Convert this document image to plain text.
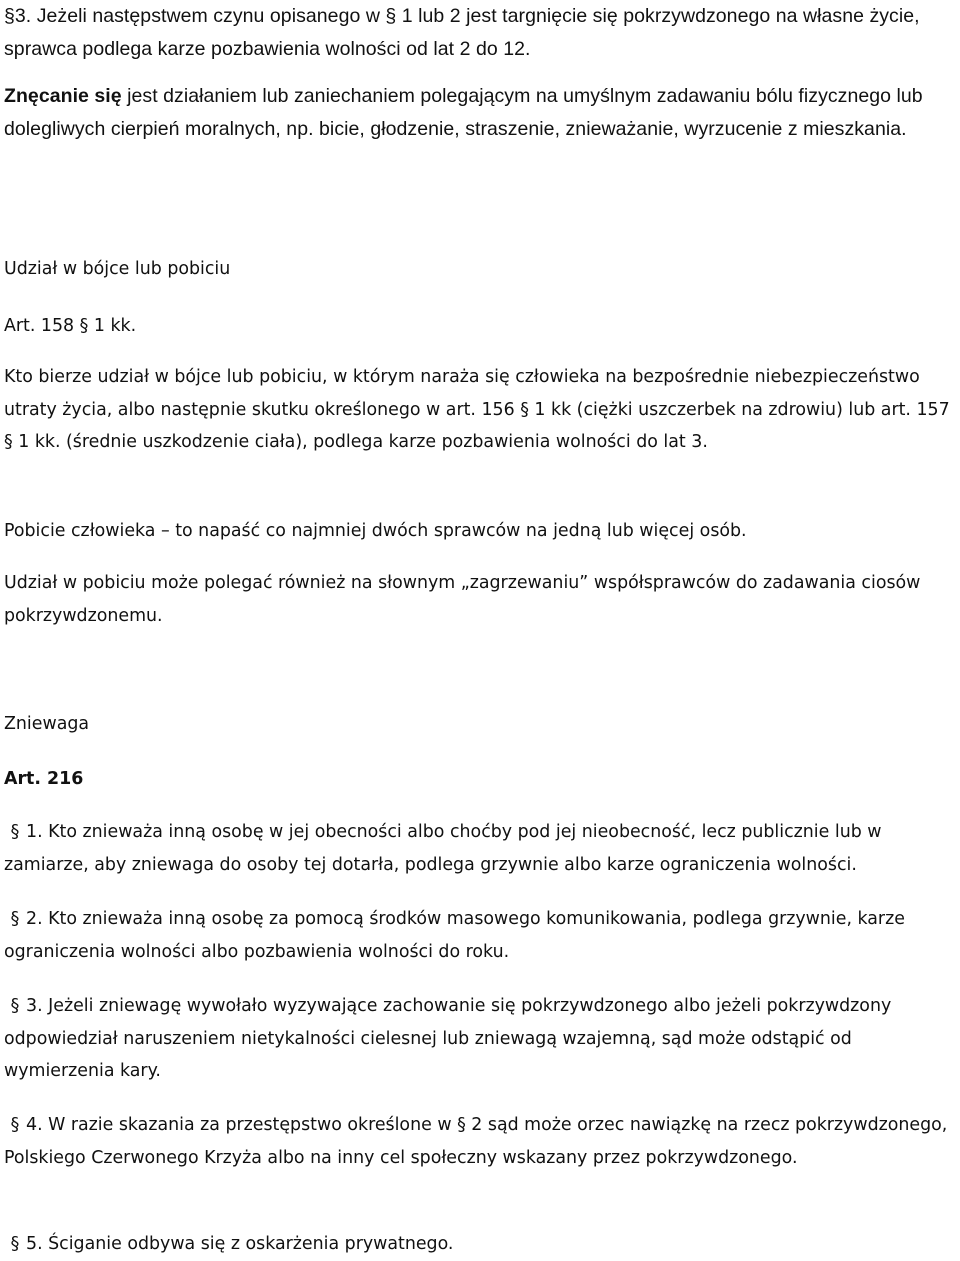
§3. Jeżeli następstwem czynu opisanego w § 1 lub 2 jest targnięcie się pokrzywdzonego na własne życie, sprawca podlega karze pozbawienia wolności od lat 2 do 12.

Znęcanie się jest działaniem lub zaniechaniem polegającym na umyślnym zadawaniu bólu fizycznego lub dolegliwych cierpień moralnych, np. bicie, głodzenie, straszenie, znieważanie, wyrzucenie z mieszkania.

Udział w bójce lub pobiciu

Art. 158 § 1 kk.

Kto bierze udział w bójce lub pobiciu, w którym naraża się człowieka na bezpośrednie niebezpieczeństwo utraty życia, albo następnie skutku określonego w art. 156 § 1 kk (ciężki uszczerbek na zdrowiu) lub art. 157 § 1 kk. (średnie uszkodzenie ciała), podlega karze pozbawienia wolności do lat 3.

Pobicie człowieka – to napaść co najmniej dwóch sprawców na jedną lub więcej osób.

Udział w pobiciu może polegać również na słownym „zagrzewaniu” współsprawców do zadawania ciosów pokrzywdzonemu.

Zniewaga

Art. 216

§ 1. Kto znieważa inną osobę w jej obecności albo choćby pod jej nieobecność, lecz publicznie lub w zamiarze, aby zniewaga do osoby tej dotarła, podlega grzywnie albo karze ograniczenia wolności.

§ 2. Kto znieważa inną osobę za pomocą środków masowego komunikowania, podlega grzywnie, karze ograniczenia wolności albo pozbawienia wolności do roku.

§ 3. Jeżeli zniewagę wywołało wyzywające zachowanie się pokrzywdzonego albo jeżeli pokrzywdzony odpowiedział naruszeniem nietykalności cielesnej lub zniewagą wzajemną, sąd może odstąpić od wymierzenia kary.

§ 4. W razie skazania za przestępstwo określone w § 2 sąd może orzec nawiązkę na rzecz pokrzywdzonego, Polskiego Czerwonego Krzyża albo na inny cel społeczny wskazany przez pokrzywdzonego.

§ 5. Ściganie odbywa się z oskarżenia prywatnego.
